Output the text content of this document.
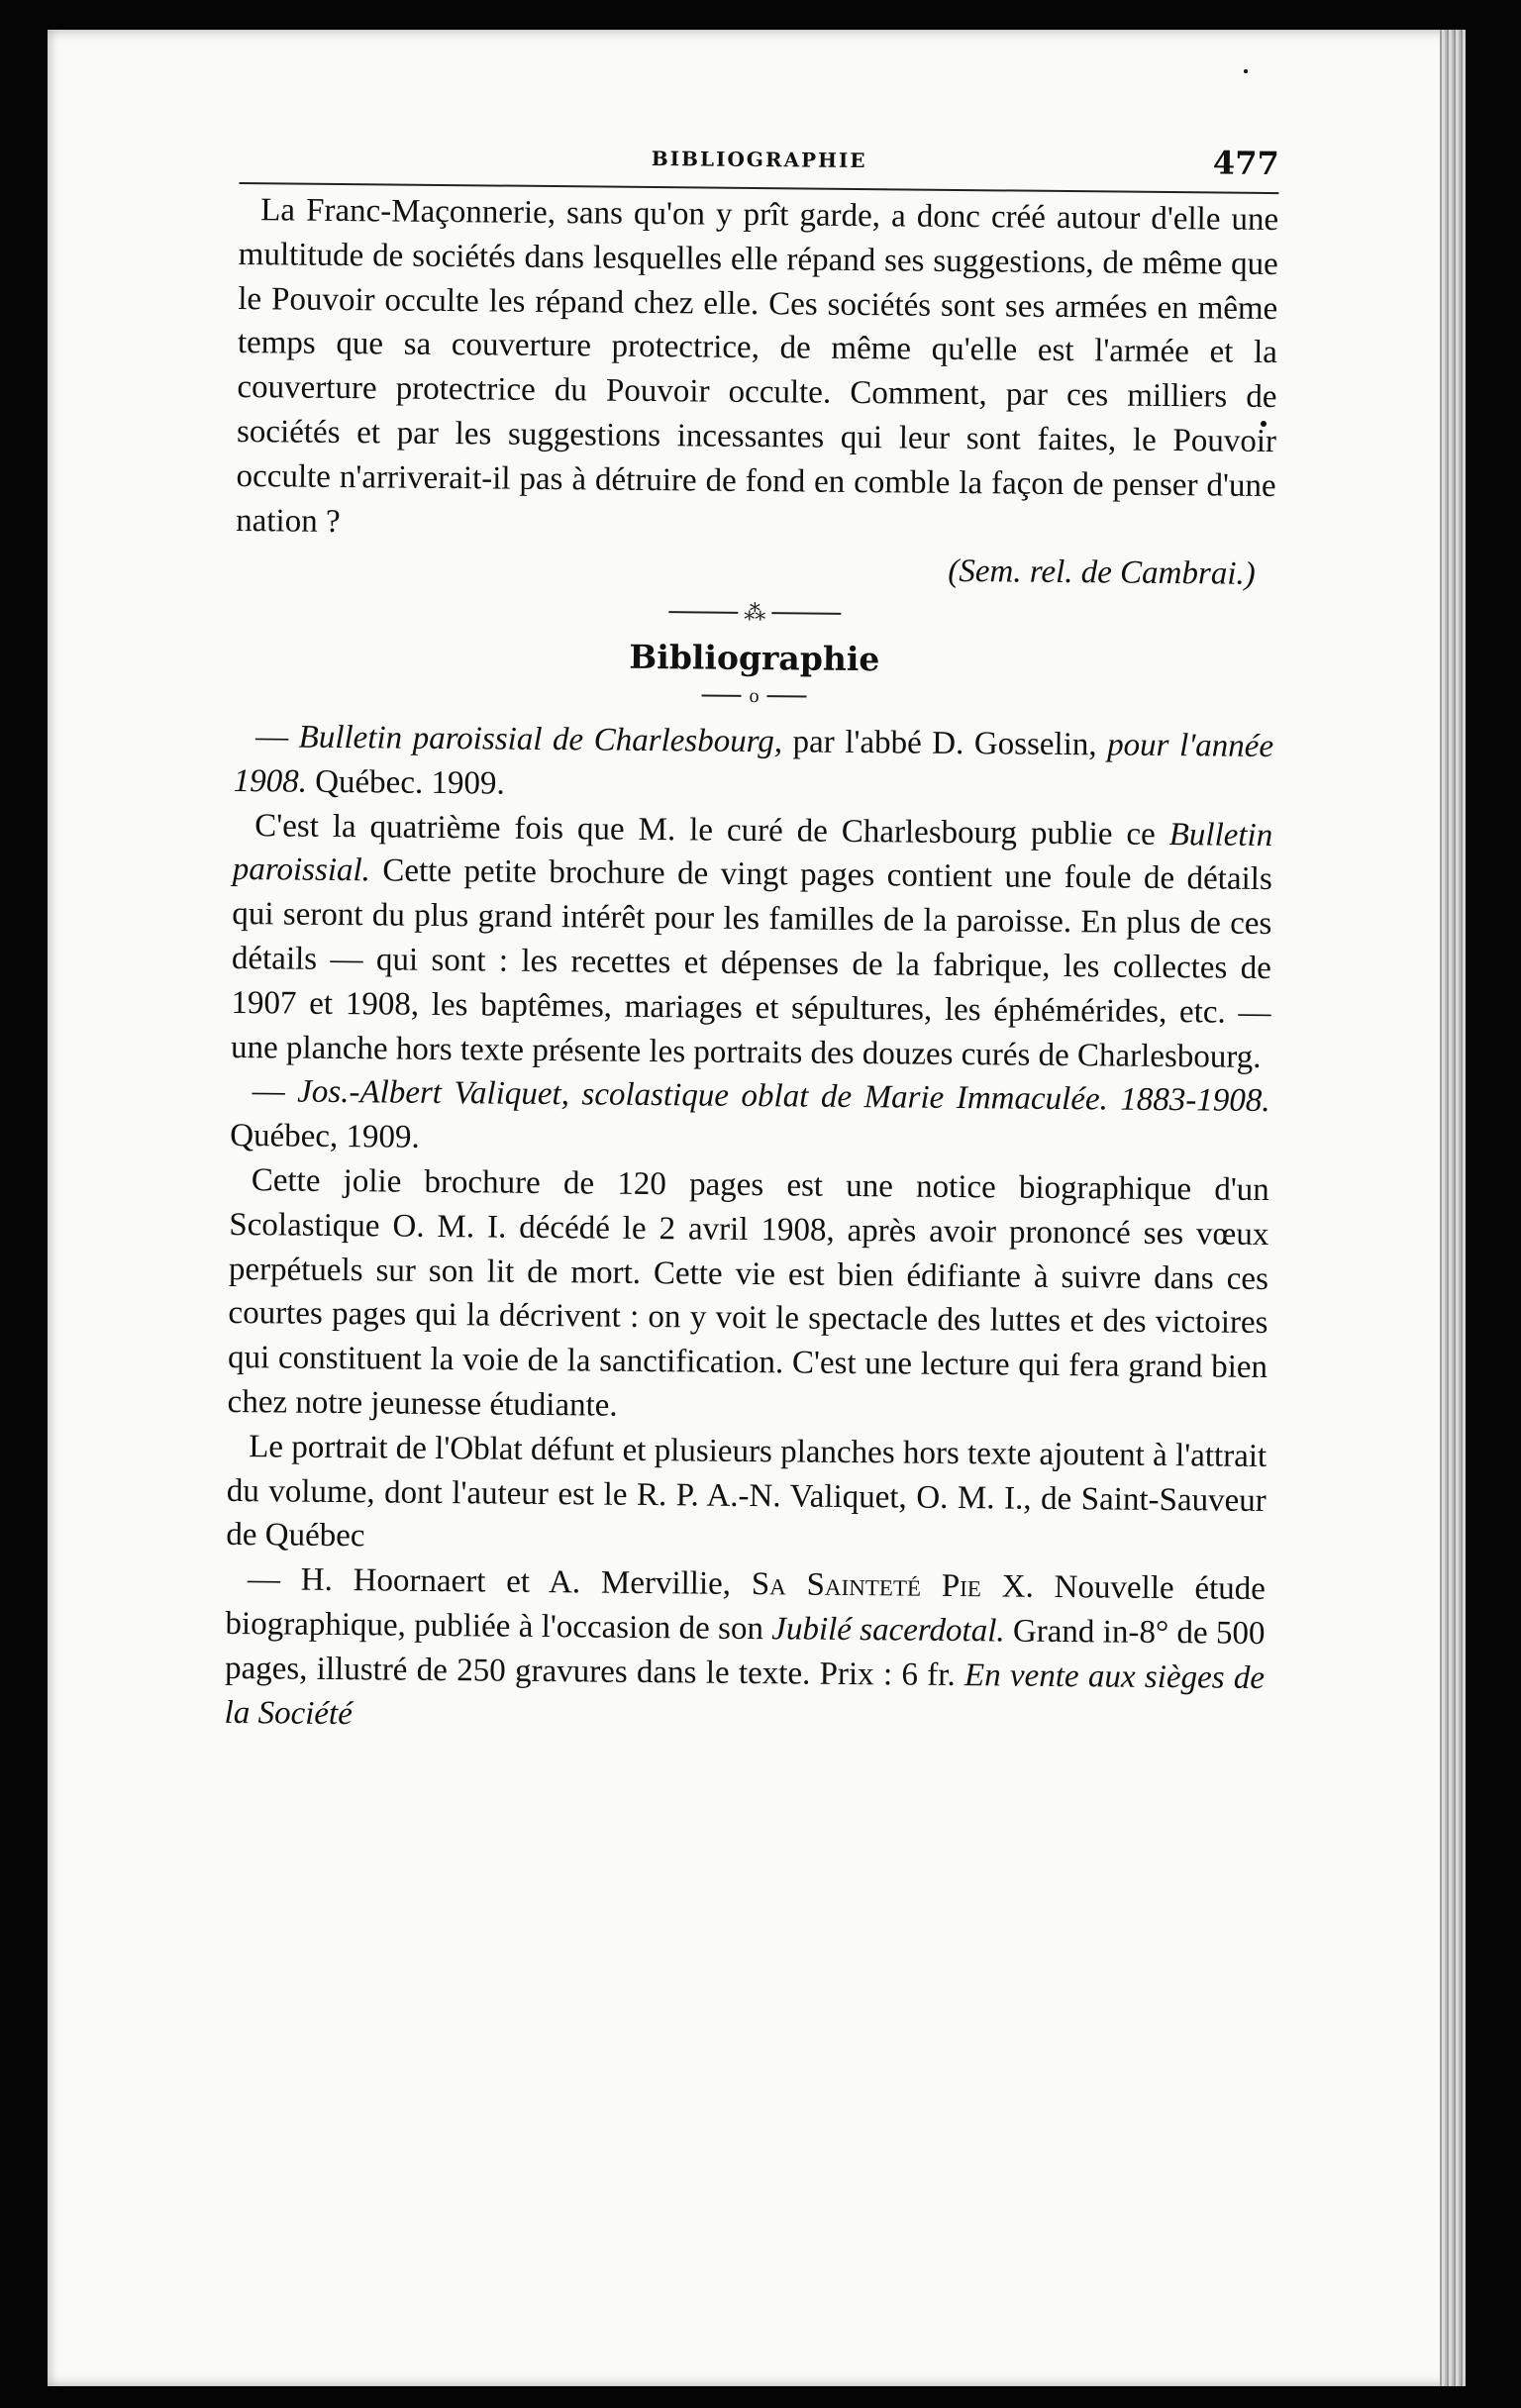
BIBLIOGRAPHIE	477

La Franc-Maçonnerie, sans qu'on y prît garde, a donc créé autour d'elle une multitude de sociétés dans lesquelles elle répand ses suggestions, de même que le Pouvoir occulte les répand chez elle. Ces sociétés sont ses armées en même temps que sa couverture protectrice, de même qu'elle est l'armée et la couverture protectrice du Pouvoir occulte. Comment, par ces milliers de sociétés et par les suggestions incessantes qui leur sont faites, le Pouvoir occulte n'arriverait-il pas à détruire de fond en comble la façon de penser d'une nation ?

(Sem. rel. de Cambrai.)

⁂
Bibliographie
o

— Bulletin paroissial de Charlesbourg, par l'abbé D. Gosselin, pour l'année 1908. Québec. 1909.

C'est la quatrième fois que M. le curé de Charlesbourg publie ce Bulletin paroissial. Cette petite brochure de vingt pages contient une foule de détails qui seront du plus grand intérêt pour les familles de la paroisse. En plus de ces détails — qui sont : les recettes et dépenses de la fabrique, les collectes de 1907 et 1908, les baptêmes, mariages et sépultures, les éphémérides, etc. — une planche hors texte présente les portraits des douzes curés de Charlesbourg.

— Jos.-Albert Valiquet, scolastique oblat de Marie Immaculée. 1883-1908. Québec, 1909.

Cette jolie brochure de 120 pages est une notice biographique d'un Scolastique O. M. I. décédé le 2 avril 1908, après avoir prononcé ses vœux perpétuels sur son lit de mort. Cette vie est bien édifiante à suivre dans ces courtes pages qui la décrivent : on y voit le spectacle des luttes et des victoires qui constituent la voie de la sanctification. C'est une lecture qui fera grand bien chez notre jeunesse étudiante.

Le portrait de l'Oblat défunt et plusieurs planches hors texte ajoutent à l'attrait du volume, dont l'auteur est le R. P. A.-N. Valiquet, O. M. I., de Saint-Sauveur de Québec

— H. Hoornaert et A. Mervillie, Sa Sainteté Pie X. Nouvelle étude biographique, publiée à l'occasion de son Jubilé sacerdotal. Grand in-8° de 500 pages, illustré de 250 gravures dans le texte. Prix : 6 fr. En vente aux sièges de la Société
